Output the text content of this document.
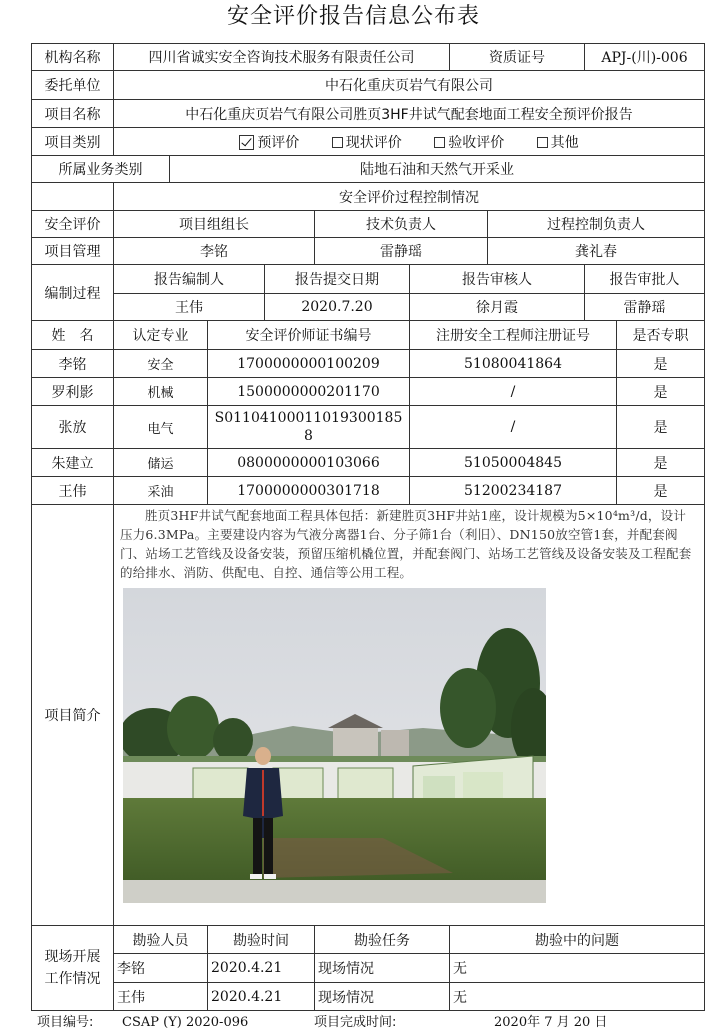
安全评价报告信息公布表
机构名称	四川省诚实安全咨询技术服务有限责任公司						资质证号		APJ-(川)-006	
委托单位	中石化重庆页岩气有限公司									
项目名称	中石化重庆页岩气有限公司胜页3HF井试气配套地面工程安全预评价报告									
项目类别	预评价 现状评价 验收评价 其他									
所属业务类别		陆地石油和天然气开采业								
	安全评价过程控制情况									
安全评价	项目组组长				技术负责人			过程控制负责人		
项目管理	李铭				雷静瑶			龚礼春		
编制过程	报告编制人			报告提交日期		报告审核人			报告审批人	
	王伟			2020.7.20		徐月霞			雷静瑶	
姓　名	认定专业		安全评价师证书编号			注册安全工程师注册证号				是否专职
李铭	安全		1700000000100209			51080041864				是
罗利影	机械		1500000000201170			/				是
张放	电气		S011041000110193001858			/				是
朱建立	储运		0800000000103066			51050004845				是
王伟	采油		1700000000301718			51200234187				是
项目简介	胜页3HF井试气配套地面工程具体包括：新建胜页3HF井站1座，设计规模为5×10⁴m³/d，设计压力6.3MPa。主要建设内容为气液分离器1台、分子筛1台（利旧）、DN150放空管1套，并配套阀门、站场工艺管线及设备安装，预留压缩机橇位置，并配套阀门、站场工艺管线及设备安装及工程配套的给排水、消防、供配电、自控、通信等公用工程。									

现场开展
工作情况	勘验人员		勘验时间		勘验任务		勘验中的问题			
	李铭		2020.4.21		现场情况		无			
	王伟		2020.4.21		现场情况		无			
项目编号: CSAP (Y) 2020-096	项目完成时间:	2020年 7 月 20 日
